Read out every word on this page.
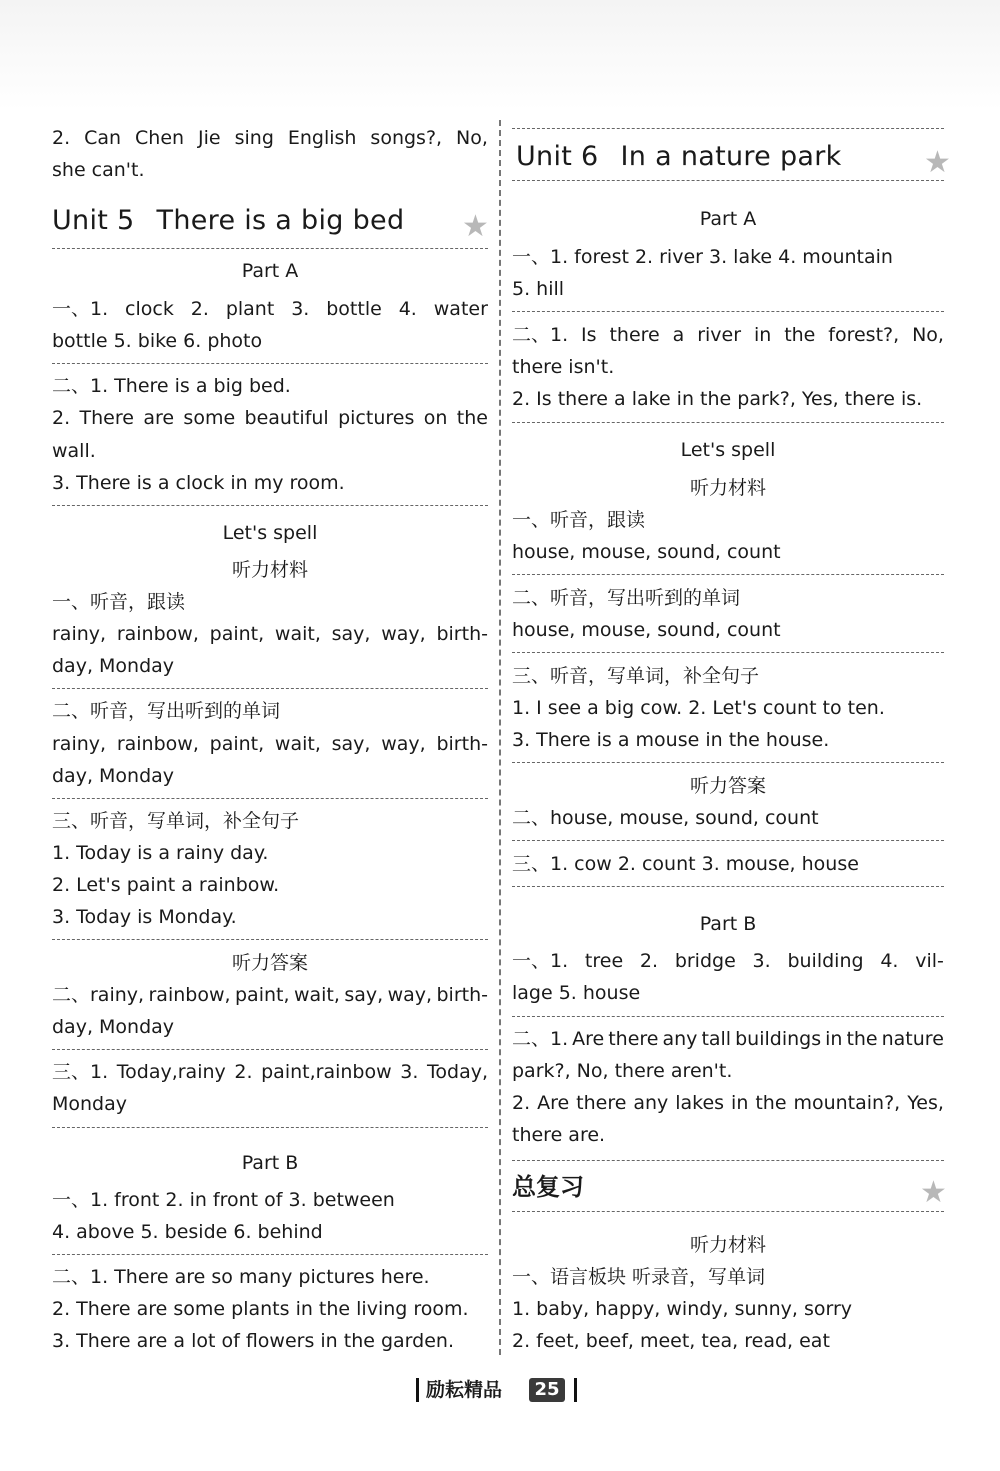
2. Can Chen Jie sing English songs?, No,
she can't.
Unit 5 There is a big bed	★
Part A
一、1. clock 2. plant 3. bottle 4. water
bottle 5. bike 6. photo
二、1. There is a big bed.
2. There are some beautiful pictures on the
wall.
3. There is a clock in my room.
Let's spell
听力材料
一、听音，跟读
rainy, rainbow, paint, wait, say, way, birth-
day, Monday
二、听音，写出听到的单词
rainy, rainbow, paint, wait, say, way, birth-
day, Monday
三、听音，写单词，补全句子
1. Today is a rainy day.
2. Let's paint a rainbow.
3. Today is Monday.
听力答案
二、rainy, rainbow, paint, wait, say, way, birth-
day, Monday
三、1. Today,rainy 2. paint,rainbow 3. Today,
Monday
Part B
一、1. front 2. in front of 3. between
4. above 5. beside 6. behind
二、1. There are so many pictures here.
2. There are some plants in the living room.
3. There are a lot of flowers in the garden.
Unit 6 In a nature park	★
Part A
一、1. forest 2. river 3. lake 4. mountain
5. hill
二、1. Is there a river in the forest?, No,
there isn't.
2. Is there a lake in the park?, Yes, there is.
Let's spell
听力材料
一、听音，跟读
house, mouse, sound, count
二、听音，写出听到的单词
house, mouse, sound, count
三、听音，写单词，补全句子
1. I see a big cow. 2. Let's count to ten.
3. There is a mouse in the house.
听力答案
二、house, mouse, sound, count
三、1. cow 2. count 3. mouse, house
Part B
一、1. tree 2. bridge 3. building 4. vil-
lage 5. house
二、1. Are there any tall buildings in the nature
park?, No, there aren't.
2. Are there any lakes in the mountain?, Yes,
there are.
总复习	★
听力材料
一、语言板块 听录音，写单词
1. baby, happy, windy, sunny, sorry
2. feet, beef, meet, tea, read, eat
励耘精品	25
